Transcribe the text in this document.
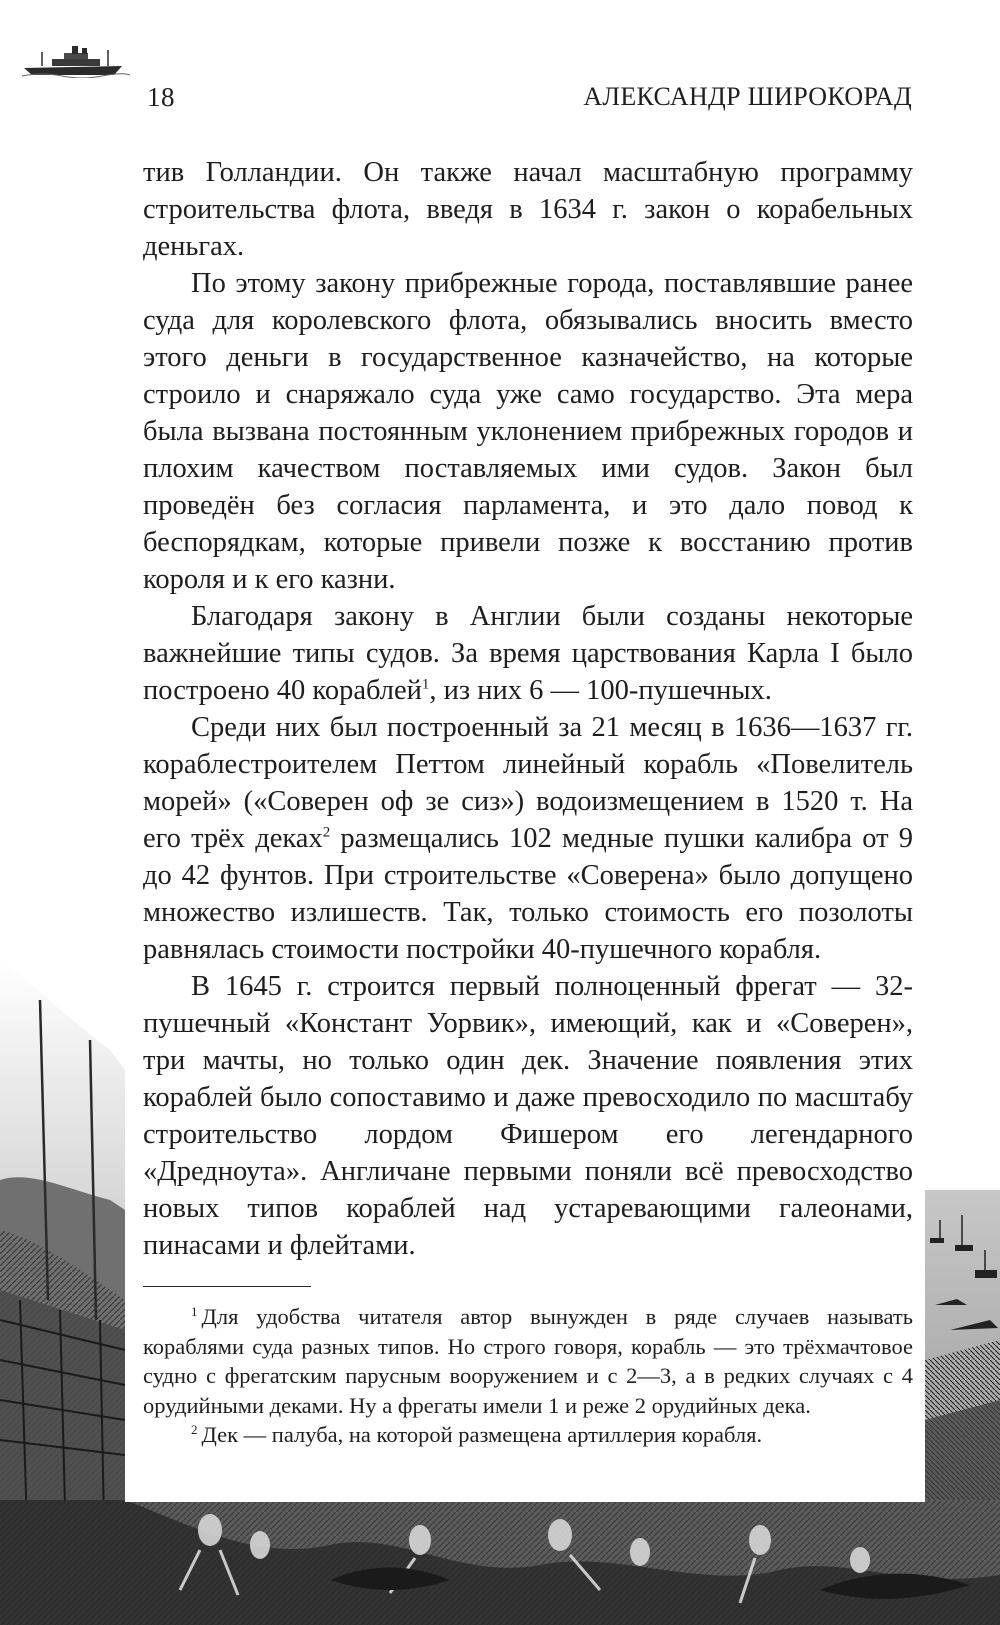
18	АЛЕКСАНДР ШИРОКОРАД

тив Голландии. Он также начал масштабную программу строительства флота, введя в 1634 г. закон о корабельных деньгах.

По этому закону прибрежные города, поставлявшие ранее суда для королевского флота, обязывались вносить вместо этого деньги в государственное казначейство, на которые строило и снаряжало суда уже само государство. Эта мера была вызвана постоянным уклонением прибрежных городов и плохим качеством поставляемых ими судов. Закон был проведён без согласия парламента, и это дало повод к беспорядкам, которые привели позже к восстанию против короля и к его казни.

Благодаря закону в Англии были созданы некоторые важнейшие типы судов. За время царствования Карла I было построено 40 кораблей$^1$, из них 6 — 100-пушечных.

Среди них был построенный за 21 месяц в 1636—1637 гг. кораблестроителем Петтом линейный корабль «Повелитель морей» («Соверен оф зе сиз») водоизмещением в 1520 т. На его трёх деках$^2$ размещались 102 медные пушки калибра от 9 до 42 фунтов. При строительстве «Соверена» было допущено множество излишеств. Так, только стоимость его позолоты равнялась стоимости постройки 40-пушечного корабля.

В 1645 г. строится первый полноценный фрегат — 32-пушечный «Констант Уорвик», имеющий, как и «Соверен», три мачты, но только один дек. Значение появления этих кораблей было сопоставимо и даже превосходило по масштабу строительство лордом Фишером его легендарного «Дредноута». Англичане первыми поняли всё превосходство новых типов кораблей над устаревающими галеонами, пинасами и флейтами.

$^1$ Для удобства читателя автор вынужден в ряде случаев называть кораблями суда разных типов. Но строго говоря, корабль — это трёхмачтовое судно с фрегатским парусным вооружением и с 2—3, а в редких случаях с 4 орудийными деками. Ну а фрегаты имели 1 и реже 2 орудийных дека.

$^2$ Дек — палуба, на которой размещена артиллерия корабля.
